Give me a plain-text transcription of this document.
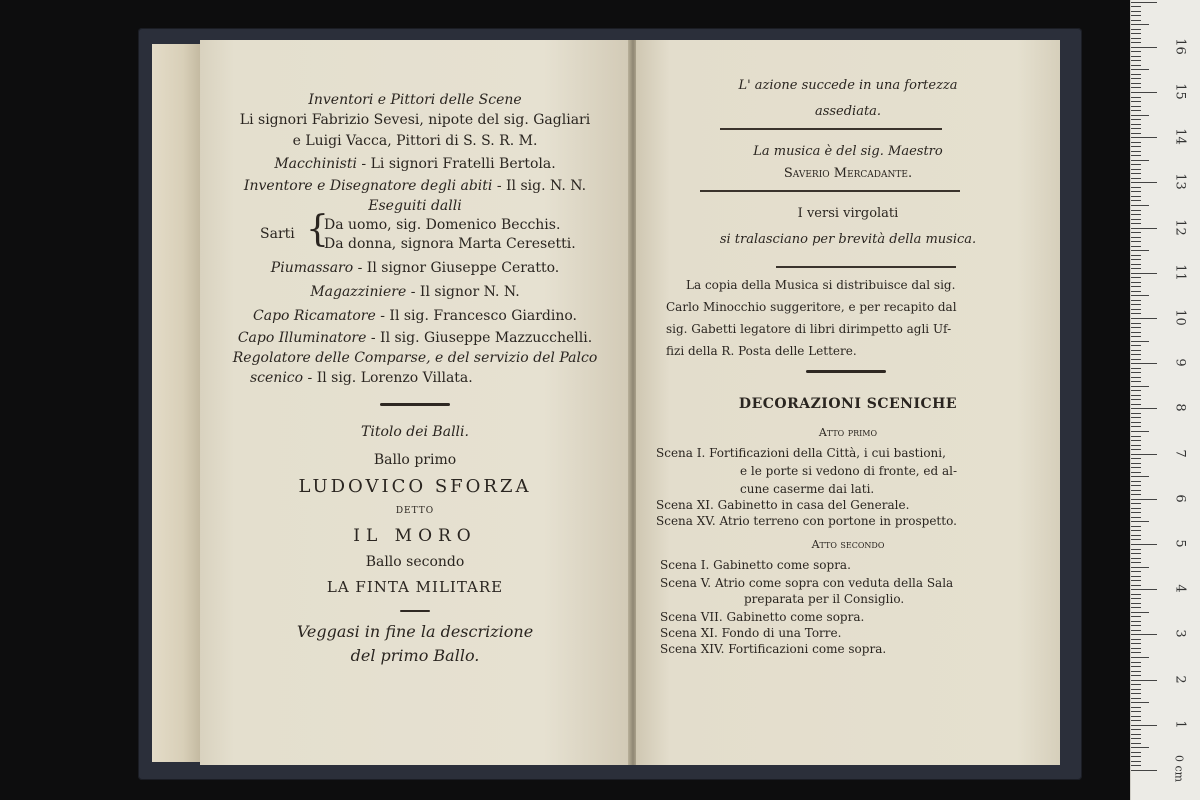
Inventori e Pittori delle Scene
Li signori Fabrizio Sevesi, nipote del sig. Gagliari
e Luigi Vacca, Pittori di S. S. R. M.
Macchinisti - Li signori Fratelli Bertola.
Inventore e Disegnatore degli abiti - Il sig. N. N.
Eseguiti dalli
Sarti {
Da uomo, sig. Domenico Becchis.
Da donna, signora Marta Ceresetti.
Piumassaro - Il signor Giuseppe Ceratto.
Magazziniere - Il signor N. N.
Capo Ricamatore - Il sig. Francesco Giardino.
Capo Illuminatore - Il sig. Giuseppe Mazzucchelli.
Regolatore delle Comparse, e del servizio del Palco
scenico - Il sig. Lorenzo Villata.
Titolo dei Balli.
Ballo primo
LUDOVICO SFORZA
DETTO
IL MORO
Ballo secondo
LA FINTA MILITARE
Veggasi in fine la descrizione
del primo Ballo.
L' azione succede in una fortezza
assediata.
La musica è del sig. Maestro
Saverio Mercadante.
I versi virgolati
si tralasciano per brevità della musica.
La copia della Musica si distribuisce dal sig.
Carlo Minocchio suggeritore, e per recapito dal
sig. Gabetti legatore di libri dirimpetto agli Uf-
fizi della R. Posta delle Lettere.
DECORAZIONI SCENICHE
Atto primo
Scena I. Fortificazioni della Città, i cui bastioni,
e le porte si vedono di fronte, ed al-
cune caserme dai lati.
Scena XI. Gabinetto in casa del Generale.
Scena XV. Atrio terreno con portone in prospetto.
Atto secondo
Scena I. Gabinetto come sopra.
Scena V. Atrio come sopra con veduta della Sala
preparata per il Consiglio.
Scena VII. Gabinetto come sopra.
Scena XI. Fondo di una Torre.
Scena XIV. Fortificazioni come sopra.
0 cm
1
2
3
4
5
6
7
8
9
10
11
12
13
14
15
16
